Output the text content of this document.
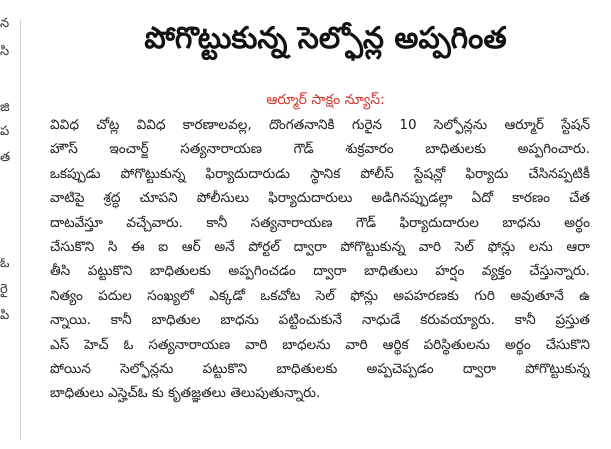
న
సి
జి
ప
త
ఓ
రై
పి
పోగొట్టుకున్న సెల్ఫోన్ల అప్పగింత
ఆర్మూర్ సాక్షం న్యూస్:
వివిధ చోట్ల వివిధ కారణాలవల్ల, దొంగతనానికి గురైన 10 సెల్ఫోన్లను ఆర్మూర్ స్టేషన్
హౌస్ ఇంచార్జ్ సత్యనారాయణ గౌడ్ శుక్రవారం బాధితులకు అప్పగించారు.
ఒకప్పుడు పోగొట్టుకున్న ఫిర్యాదుదారుడు స్థానిక పోలీస్ స్టేషన్లో ఫిర్యాదు చేసినప్పటికీ
వాటిపై శ్రద్ధ చూపని పోలీసులు ఫిర్యాదుదారులు అడిగినప్పుడల్లా ఏదో కారణం చేత
దాటవేస్తూ వచ్చేవారు. కానీ సత్యనారాయణ గౌడ్ ఫిర్యాదుదారుల బాధను అర్థం
చేసుకొని సి ఈ ఐ ఆర్ అనే పోర్టల్ ద్వారా పోగొట్టుకున్న వారి సెల్ ఫోన్లు లను ఆరా
తీసి పట్టుకొని బాధితులకు అప్పగించడం ద్వారా బాధితులు హర్షం వ్యక్తం చేస్తున్నారు.
నిత్యం పదుల సంఖ్యలో ఎక్కడో ఒకచోట సెల్ ఫోన్లు అపహరణకు గురి అవుతూనే ఉ
న్నాయి. కానీ బాధితుల బాధను పట్టించుకునే నాధుడే కరువయ్యారు. కానీ ప్రస్తుత
ఎస్ హెచ్ ఓ సత్యనారాయణ వారి బాధలను వారి ఆర్థిక పరిస్థితులను అర్థం చేసుకొని
పోయిన సెల్ఫోన్లను పట్టుకొని బాధితులకు అప్పచెప్పడం ద్వారా పోగొట్టుకున్న
బాధితులు ఎస్హెచ్ఓ కు కృతజ్ఞతలు తెలుపుతున్నారు.
